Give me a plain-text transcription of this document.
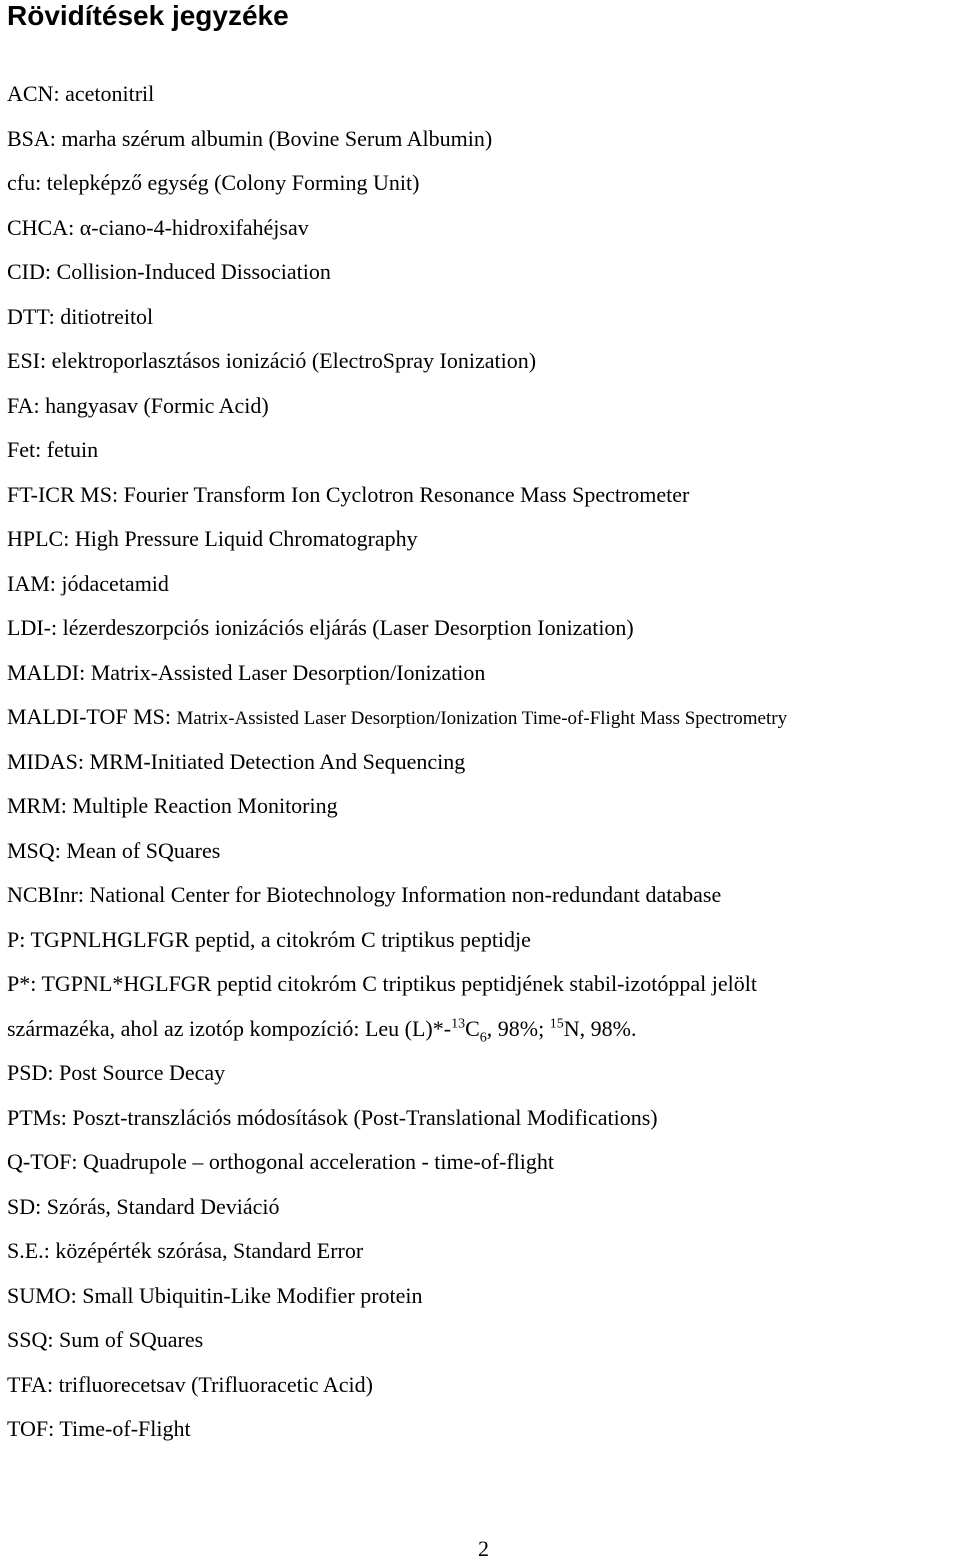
Rövidítések jegyzéke
ACN: acetonitril
BSA: marha szérum albumin (Bovine Serum Albumin)
cfu: telepképző egység (Colony Forming Unit)
CHCA: α-ciano-4-hidroxifahéjsav
CID: Collision-Induced Dissociation
DTT: ditiotreitol
ESI: elektroporlasztásos ionizáció (ElectroSpray Ionization)
FA: hangyasav (Formic Acid)
Fet: fetuin
FT-ICR MS: Fourier Transform Ion Cyclotron Resonance Mass Spectrometer
HPLC: High Pressure Liquid Chromatography
IAM: jódacetamid
LDI-: lézerdeszorpciós ionizációs eljárás (Laser Desorption Ionization)
MALDI: Matrix-Assisted Laser Desorption/Ionization
MALDI-TOF MS: Matrix-Assisted Laser Desorption/Ionization Time-of-Flight Mass Spectrometry
MIDAS: MRM-Initiated Detection And Sequencing
MRM: Multiple Reaction Monitoring
MSQ: Mean of SQuares
NCBInr: National Center for Biotechnology Information non-redundant database
P: TGPNLHGLFGR peptid, a citokróm C triptikus peptidje
P*: TGPNL*HGLFGR peptid citokróm C triptikus peptidjének stabil-izotóppal jelölt
származéka, ahol az izotóp kompozíció: Leu $(L)*-^{13}C_6$, 98%; $^{15}$N, 98%.
PSD: Post Source Decay
PTMs: Poszt-transzlációs módosítások (Post-Translational Modifications)
Q-TOF: Quadrupole – orthogonal acceleration - time-of-flight
SD: Szórás, Standard Deviáció
S.E.: középérték szórása, Standard Error
SUMO: Small Ubiquitin-Like Modifier protein
SSQ: Sum of SQuares
TFA: trifluorecetsav (Trifluoracetic Acid)
TOF: Time-of-Flight
2
